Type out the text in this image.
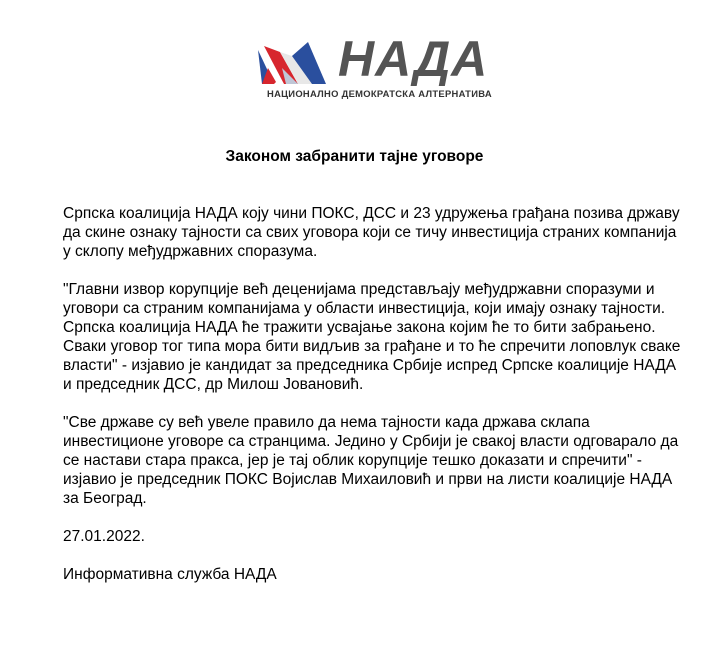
НАДА
НАЦИОНАЛНО ДЕМОКРАТСКА АЛТЕРНАТИВА
Законом забранити тајне уговоре

Српска коалиција НАДА коју чини ПОКС, ДСС и 23 удружења грађана позива државу да скине ознаку тајности са свих уговора који се тичу инвестиција страних компанија у склопу међудржавних споразума.

"Главни извор корупције већ деценијама представљају међудржавни споразуми и уговори са страним компанијама у области инвестиција, који имају ознаку тајности. Српска коалиција НАДА ће тражити усвајање закона којим ће то бити забрањено. Сваки уговор тог типа мора бити видљив за грађане и то ће спречити лоповлук сваке власти" - изјавио је кандидат за председника Србије испред Српске коалиције НАДА и председник ДСС, др Милош Јовановић.

"Све државе су већ увеле правило да нема тајности када држава склапа инвестиционе уговоре са странцима. Једино у Србији је свакој власти одговарало да се настави стара пракса, јер је тај облик корупције тешко доказати и спречити" - изјавио је председник ПОКС Војислав Михаиловић и први на листи коалиције НАДА за Београд.

27.01.2022.

Информативна служба НАДА
